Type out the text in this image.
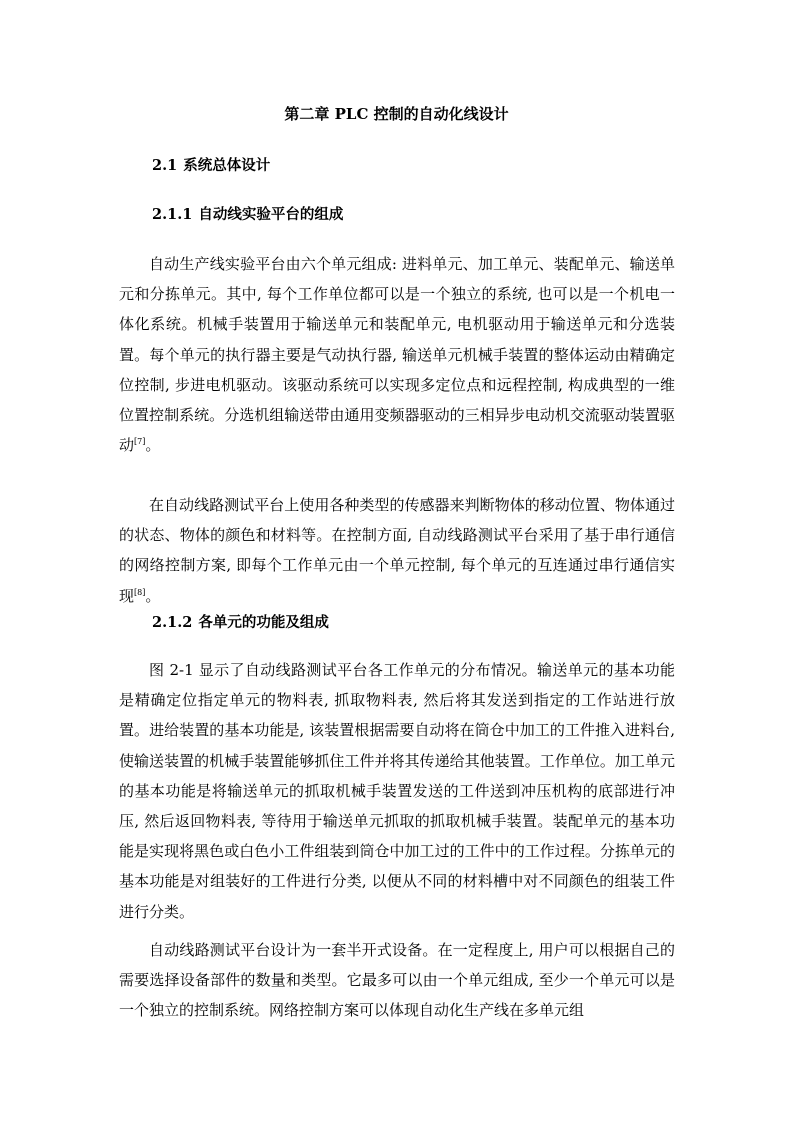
第二章 PLC 控制的自动化线设计
2.1 系统总体设计
2.1.1 自动线实验平台的组成
自动生产线实验平台由六个单元组成: 进料单元、加工单元、装配单元、输送单元和分拣单元。其中, 每个工作单位都可以是一个独立的系统, 也可以是一个机电一体化系统。机械手装置用于输送单元和装配单元, 电机驱动用于输送单元和分选装置。每个单元的执行器主要是气动执行器, 输送单元机械手装置的整体运动由精确定位控制, 步进电机驱动。该驱动系统可以实现多定位点和远程控制, 构成典型的一维位置控制系统。分选机组输送带由通用变频器驱动的三相异步电动机交流驱动装置驱动[7]。
在自动线路测试平台上使用各种类型的传感器来判断物体的移动位置、物体通过的状态、物体的颜色和材料等。在控制方面, 自动线路测试平台采用了基于串行通信的网络控制方案, 即每个工作单元由一个单元控制, 每个单元的互连通过串行通信实现[8]。
2.1.2 各单元的功能及组成
图 2-1 显示了自动线路测试平台各工作单元的分布情况。输送单元的基本功能是精确定位指定单元的物料表, 抓取物料表, 然后将其发送到指定的工作站进行放置。进给装置的基本功能是, 该装置根据需要自动将在筒仓中加工的工件推入进料台, 使输送装置的机械手装置能够抓住工件并将其传递给其他装置。工作单位。加工单元的基本功能是将输送单元的抓取机械手装置发送的工件送到冲压机构的底部进行冲压, 然后返回物料表, 等待用于输送单元抓取的抓取机械手装置。装配单元的基本功能是实现将黑色或白色小工件组装到筒仓中加工过的工件中的工作过程。分拣单元的基本功能是对组装好的工件进行分类, 以便从不同的材料槽中对不同颜色的组装工件进行分类。
自动线路测试平台设计为一套半开式设备。在一定程度上, 用户可以根据自己的需要选择设备部件的数量和类型。它最多可以由一个单元组成, 至少一个单元可以是一个独立的控制系统。网络控制方案可以体现自动化生产线在多单元组
